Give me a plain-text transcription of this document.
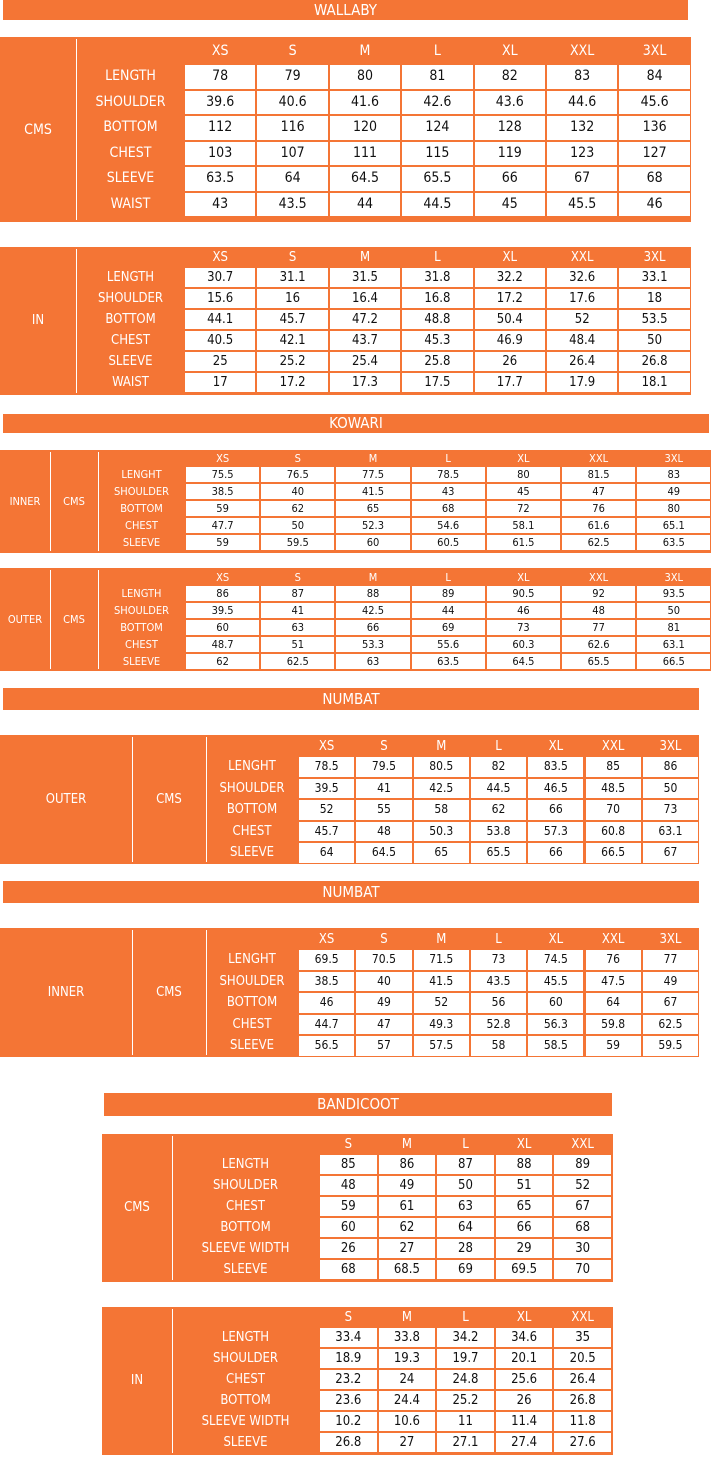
WALLABY
CMS
XS	S	M	L	XL	XXL	3XL
LENGTH	78	79	80	81	82	83	84
SHOULDER	39.6	40.6	41.6	42.6	43.6	44.6	45.6
BOTTOM	112	116	120	124	128	132	136
CHEST	103	107	111	115	119	123	127
SLEEVE	63.5	64	64.5	65.5	66	67	68
WAIST	43	43.5	44	44.5	45	45.5	46
IN
XS	S	M	L	XL	XXL	3XL
LENGTH	30.7	31.1	31.5	31.8	32.2	32.6	33.1
SHOULDER	15.6	16	16.4	16.8	17.2	17.6	18
BOTTOM	44.1	45.7	47.2	48.8	50.4	52	53.5
CHEST	40.5	42.1	43.7	45.3	46.9	48.4	50
SLEEVE	25	25.2	25.4	25.8	26	26.4	26.8
WAIST	17	17.2	17.3	17.5	17.7	17.9	18.1
KOWARI
INNER	CMS
XS	S	M	L	XL	XXL	3XL
LENGHT	75.5	76.5	77.5	78.5	80	81.5	83
SHOULDER	38.5	40	41.5	43	45	47	49
BOTTOM	59	62	65	68	72	76	80
CHEST	47.7	50	52.3	54.6	58.1	61.6	65.1
SLEEVE	59	59.5	60	60.5	61.5	62.5	63.5
OUTER	CMS
XS	S	M	L	XL	XXL	3XL
LENGTH	86	87	88	89	90.5	92	93.5
SHOULDER	39.5	41	42.5	44	46	48	50
BOTTOM	60	63	66	69	73	77	81
CHEST	48.7	51	53.3	55.6	60.3	62.6	63.1
SLEEVE	62	62.5	63	63.5	64.5	65.5	66.5
NUMBAT
OUTER	CMS
XS	S	M	L	XL	XXL	3XL
LENGHT	78.5	79.5	80.5	82	83.5	85	86
SHOULDER	39.5	41	42.5	44.5	46.5	48.5	50
BOTTOM	52	55	58	62	66	70	73
CHEST	45.7	48	50.3	53.8	57.3	60.8	63.1
SLEEVE	64	64.5	65	65.5	66	66.5	67
NUMBAT
INNER	CMS
XS	S	M	L	XL	XXL	3XL
LENGHT	69.5	70.5	71.5	73	74.5	76	77
SHOULDER	38.5	40	41.5	43.5	45.5	47.5	49
BOTTOM	46	49	52	56	60	64	67
CHEST	44.7	47	49.3	52.8	56.3	59.8	62.5
SLEEVE	56.5	57	57.5	58	58.5	59	59.5
BANDICOOT
CMS
S	M	L	XL	XXL
LENGTH	85	86	87	88	89
SHOULDER	48	49	50	51	52
CHEST	59	61	63	65	67
BOTTOM	60	62	64	66	68
SLEEVE WIDTH	26	27	28	29	30
SLEEVE	68	68.5	69	69.5	70
IN
S	M	L	XL	XXL
LENGTH	33.4	33.8	34.2	34.6	35
SHOULDER	18.9	19.3	19.7	20.1	20.5
CHEST	23.2	24	24.8	25.6	26.4
BOTTOM	23.6	24.4	25.2	26	26.8
SLEEVE WIDTH	10.2	10.6	11	11.4	11.8
SLEEVE	26.8	27	27.1	27.4	27.6
